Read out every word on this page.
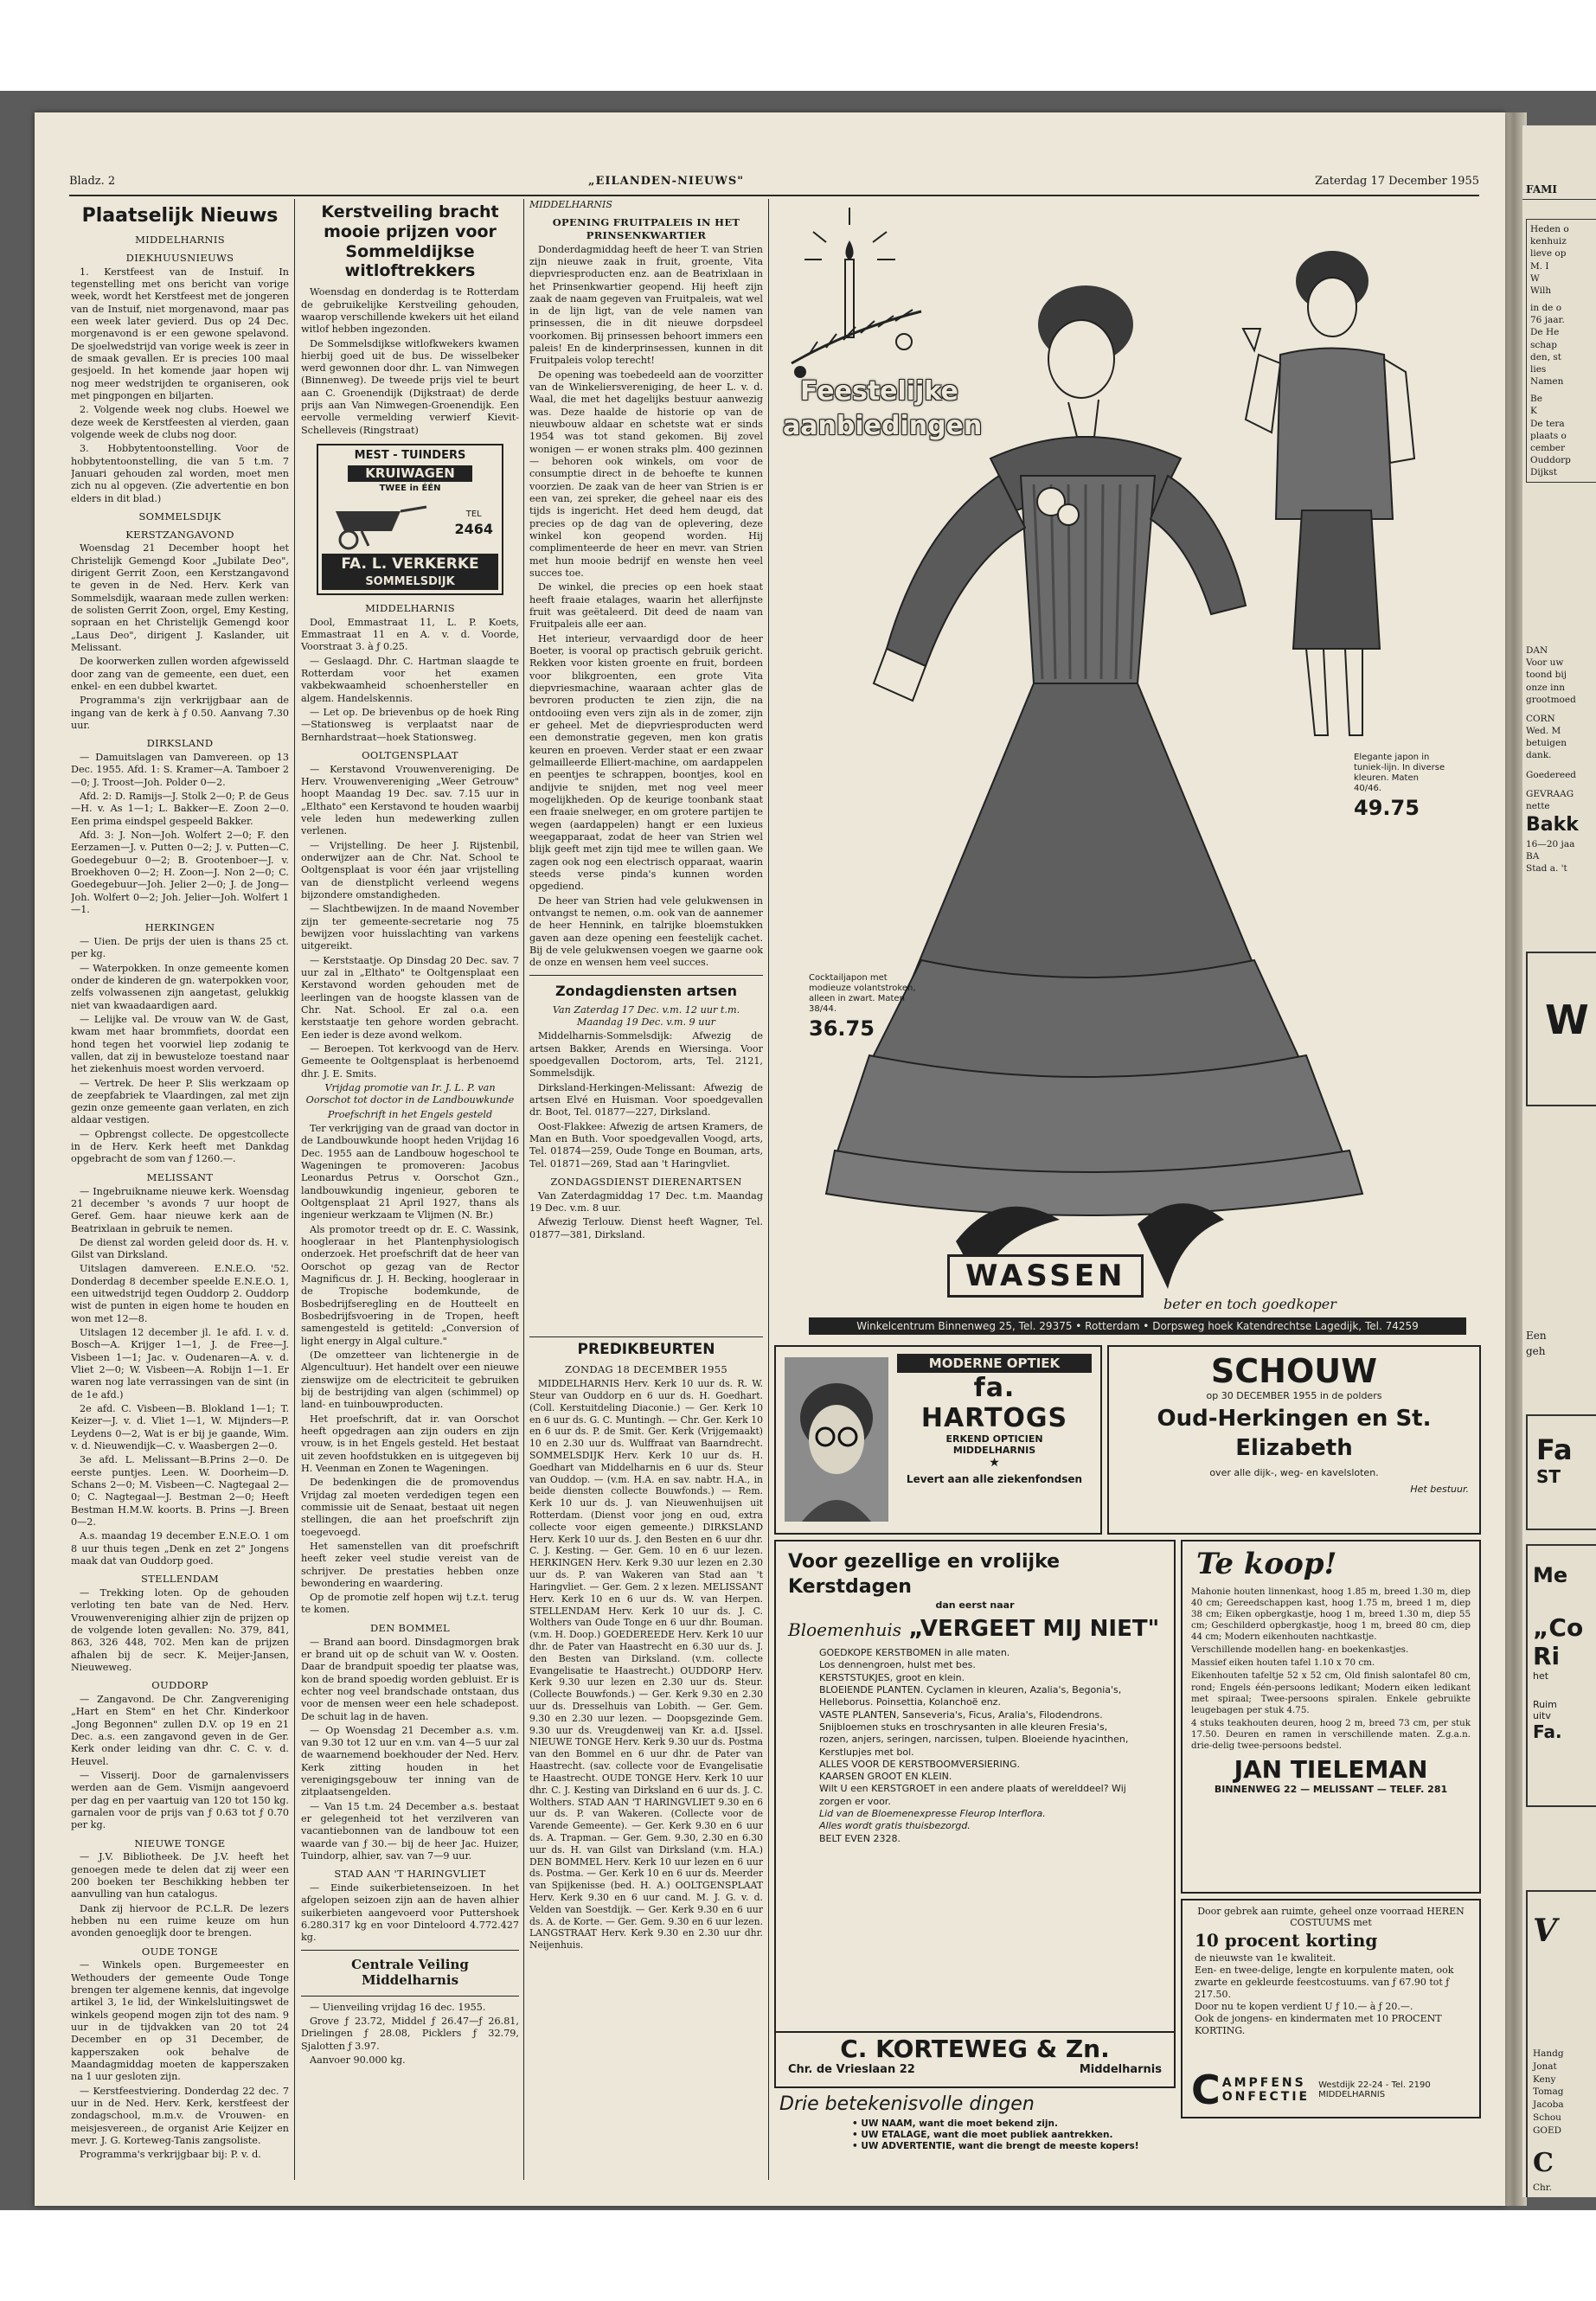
Bladz. 2	„EILANDEN-NIEUWS"	Zaterdag 17 December 1955
Plaatselijk Nieuws
MIDDELHARNIS
DIEKHUUSNIEUWS

1. Kerstfeest van de Instuif. In tegenstelling met ons bericht van vorige week, wordt het Kerstfeest met de jongeren van de Instuif, niet morgenavond, maar pas een week later gevierd. Dus op 24 Dec. morgenavond is er een gewone spelavond. De sjoelwedstrijd van vorige week is zeer in de smaak gevallen. Er is precies 100 maal gesjoeld. In het komende jaar hopen wij nog meer wedstrijden te organiseren, ook met pingpongen en biljarten.

2. Volgende week nog clubs. Hoewel we deze week de Kerstfeesten al vierden, gaan volgende week de clubs nog door.

3. Hobbytentoonstelling. Voor de hobbytentoonstelling, die van 5 t.m. 7 Januari gehouden zal worden, moet men zich nu al opgeven. (Zie advertentie en bon elders in dit blad.)

SOMMELSDIJK
KERSTZANGAVOND

Woensdag 21 December hoopt het Christelijk Gemengd Koor „Jubilate Deo", dirigent Gerrit Zoon, een Kerstzangavond te geven in de Ned. Herv. Kerk van Sommelsdijk, waaraan mede zullen werken: de solisten Gerrit Zoon, orgel, Emy Kesting, sopraan en het Christelijk Gemengd koor „Laus Deo", dirigent J. Kaslander, uit Melissant.

De koorwerken zullen worden afgewisseld door zang van de gemeente, een duet, een enkel- en een dubbel kwartet.

Programma's zijn verkrijgbaar aan de ingang van de kerk à ƒ 0.50. Aanvang 7.30 uur.

DIRKSLAND

— Damuitslagen van Damvereen. op 13 Dec. 1955. Afd. 1: S. Kramer—A. Tamboer 2—0; J. Troost—Joh. Polder 0—2.

Afd. 2: D. Ramijs—J. Stolk 2—0; P. de Geus—H. v. As 1—1; L. Bakker—E. Zoon 2—0. Een prima eindspel gespeeld Bakker.

Afd. 3: J. Non—Joh. Wolfert 2—0; F. den Eerzamen—J. v. Putten 0—2; J. v. Putten—C. Goedegebuur 0—2; B. Grootenboer—J. v. Broekhoven 0—2; H. Zoon—J. Non 2—0; C. Goedegebuur—Joh. Jelier 2—0; J. de Jong—Joh. Wolfert 0—2; Joh. Jelier—Joh. Wolfert 1—1.

HERKINGEN

— Uien. De prijs der uien is thans 25 ct. per kg.

— Waterpokken. In onze gemeente komen onder de kinderen de gn. waterpokken voor, zelfs volwassenen zijn aangetast, gelukkig niet van kwaadaardigen aard.

— Lelijke val. De vrouw van W. de Gast, kwam met haar brommfiets, doordat een hond tegen het voorwiel liep zodanig te vallen, dat zij in bewusteloze toestand naar het ziekenhuis moest worden vervoerd.

— Vertrek. De heer P. Slis werkzaam op de zeepfabriek te Vlaardingen, zal met zijn gezin onze gemeente gaan verlaten, en zich aldaar vestigen.

— Opbrengst collecte. De opgestcollecte in de Herv. Kerk heeft met Dankdag opgebracht de som van ƒ 1260.—.

MELISSANT

— Ingebruikname nieuwe kerk. Woensdag 21 december 's avonds 7 uur hoopt de Geref. Gem. haar nieuwe kerk aan de Beatrixlaan in gebruik te nemen.

De dienst zal worden geleid door ds. H. v. Gilst van Dirksland.

Uitslagen damvereen. E.N.E.O. '52. Donderdag 8 december speelde E.N.E.O. 1, een uitwedstrijd tegen Ouddorp 2. Ouddorp wist de punten in eigen home te houden en won met 12—8.

Uitslagen 12 december jl. 1e afd. I. v. d. Bosch—A. Krijger 1—1, J. de Free—J. Visbeen 1—1; Jac. v. Oudenaren—A. v. d. Vliet 2—0; W. Visbeen—A. Robijn 1—1. Er waren nog late verrassingen van de sint (in de 1e afd.)

2e afd. C. Visbeen—B. Blokland 1—1; T. Keizer—J. v. d. Vliet 1—1, W. Mijnders—P. Leydens 0—2, Wat is er bij je gaande, Wim. v. d. Nieuwendijk—C. v. Waasbergen 2—0.

3e afd. L. Melissant—B.Prins 2—0. De eerste puntjes. Leen. W. Doorheim—D. Schans 2—0; M. Visbeen—C. Nagtegaal 2—0; C. Nagtegaal—J. Bestman 2—0; Heeft Bestman H.M.W. koorts. B. Prins —J. Breen 0—2.

A.s. maandag 19 december E.N.E.O. 1 om 8 uur thuis tegen „Denk en zet 2" Jongens maak dat van Ouddorp goed.

STELLENDAM

— Trekking loten. Op de gehouden verloting ten bate van de Ned. Herv. Vrouwenvereniging alhier zijn de prijzen op de volgende loten gevallen: No. 379, 841, 863, 326 448, 702. Men kan de prijzen afhalen bij de secr. K. Meijer-Jansen, Nieuweweg.

OUDDORP

— Zangavond. De Chr. Zangvereniging „Hart en Stem" en het Chr. Kinderkoor „Jong Begonnen" zullen D.V. op 19 en 21 Dec. a.s. een zangavond geven in de Ger. Kerk onder leiding van dhr. C. C. v. d. Heuvel.

— Visserij. Door de garnalenvissers werden aan de Gem. Vismijn aangevoerd per dag en per vaartuig van 120 tot 150 kg. garnalen voor de prijs van ƒ 0.63 tot ƒ 0.70 per kg.

NIEUWE TONGE

— J.V. Bibliotheek. De J.V. heeft het genoegen mede te delen dat zij weer een 200 boeken ter Beschikking hebben ter aanvulling van hun catalogus.

Dank zij hiervoor de P.C.L.R. De lezers hebben nu een ruime keuze om hun avonden genoeglijk door te brengen.

OUDE TONGE

— Winkels open. Burgemeester en Wethouders der gemeente Oude Tonge brengen ter algemene kennis, dat ingevolge artikel 3, 1e lid, der Winkelsluitingswet de winkels geopend mogen zijn tot des nam. 9 uur in de tijdvakken van 20 tot 24 December en op 31 December, de kapperszaken ook behalve de Maandagmiddag moeten de kapperszaken na 1 uur gesloten zijn.

— Kerstfeestviering. Donderdag 22 dec. 7 uur in de Ned. Herv. Kerk, kerstfeest der zondagschool, m.m.v. de Vrouwen- en meisjesvereen., de organist Arie Keijzer en mevr. J. G. Korteweg-Tanis zangsoliste.

Programma's verkrijgbaar bij: P. v. d.

Kerstveiling bracht mooie prijzen voor Sommeldijkse witloftrekkers

Woensdag en donderdag is te Rotterdam de gebruikelijke Kerstveiling gehouden, waarop verschillende kwekers uit het eiland witlof hebben ingezonden.

De Sommelsdijkse witlofkwekers kwamen hierbij goed uit de bus. De wisselbeker werd gewonnen door dhr. L. van Nimwegen (Binnenweg). De tweede prijs viel te beurt aan C. Groenendijk (Dijkstraat) de derde prijs aan Van Nimwegen-Groenendijk. Een eervolle vermelding verwierf Kievit-Schelleveis (Ringstraat)

MEST - TUINDERS
KRUIWAGEN
TWEE in ÉÉN
TEL
2464
FA. L. VERKERKE
SOMMELSDIJK
MIDDELHARNIS

Dool, Emmastraat 11, L. P. Koets, Emmastraat 11 en A. v. d. Voorde, Voorstraat 3. à ƒ 0.25.

— Geslaagd. Dhr. C. Hartman slaagde te Rotterdam voor het examen vakbekwaamheid schoenhersteller en algem. Handelskennis.

— Let op. De brievenbus op de hoek Ring—Stationsweg is verplaatst naar de Bernhardstraat—hoek Stationsweg.

OOLTGENSPLAAT

— Kerstavond Vrouwenvereniging. De Herv. Vrouwenvereniging „Weer Getrouw" hoopt Maandag 19 Dec. sav. 7.15 uur in „Elthato" een Kerstavond te houden waarbij vele leden hun medewerking zullen verlenen.

— Vrijstelling. De heer J. Rijstenbil, onderwijzer aan de Chr. Nat. School te Ooltgensplaat is voor één jaar vrijstelling van de dienstplicht verleend wegens bijzondere omstandigheden.

— Slachtbewijzen. In de maand November zijn ter gemeente-secretarie nog 75 bewijzen voor huisslachting van varkens uitgereikt.

— Kerststaatje. Op Dinsdag 20 Dec. sav. 7 uur zal in „Elthato" te Ooltgensplaat een Kerstavond worden gehouden met de leerlingen van de hoogste klassen van de Chr. Nat. School. Er zal o.a. een kerststaatje ten gehore worden gebracht. Een ieder is deze avond welkom.

— Beroepen. Tot kerkvoogd van de Herv. Gemeente te Ooltgensplaat is herbenoemd dhr. J. E. Smits.

Vrijdag promotie van Ir. J. L. P. van Oorschot tot doctor in de Landbouwkunde

Proefschrift in het Engels gesteld

Ter verkrijging van de graad van doctor in de Landbouwkunde hoopt heden Vrijdag 16 Dec. 1955 aan de Landbouw hogeschool te Wageningen te promoveren: Jacobus Leonardus Petrus v. Oorschot Gzn., landbouwkundig ingenieur, geboren te Ooltgensplaat 21 April 1927, thans als ingenieur werkzaam te Vlijmen (N. Br.)

Als promotor treedt op dr. E. C. Wassink, hoogleraar in het Plantenphysiologisch onderzoek. Het proefschrift dat de heer van Oorschot op gezag van de Rector Magnificus dr. J. H. Becking, hoogleraar in de Tropische bodemkunde, de Bosbedrijfseregling en de Houtteelt en Bosbedrijfsvoering in de Tropen, heeft samengesteld is getiteld: „Conversion of light energy in Algal culture."

(De omzetteer van lichtenergie in de Algencultuur). Het handelt over een nieuwe zienswijze om de electriciteit te gebruiken bij de bestrijding van algen (schimmel) op land- en tuinbouwproducten.

Het proefschrift, dat ir. van Oorschot heeft opgedragen aan zijn ouders en zijn vrouw, is in het Engels gesteld. Het bestaat uit zeven hoofdstukken en is uitgegeven bij H. Veenman en Zonen te Wageningen.

De bedenkingen die de promovendus Vrijdag zal moeten verdedigen tegen een commissie uit de Senaat, bestaat uit negen stellingen, die aan het proefschrift zijn toegevoegd.

Het samenstellen van dit proefschrift heeft zeker veel studie vereist van de schrijver. De prestaties hebben onze bewondering en waardering.

Op de promotie zelf hopen wij t.z.t. terug te komen.

DEN BOMMEL

— Brand aan boord. Dinsdagmorgen brak er brand uit op de schuit van W. v. Oosten. Daar de brandpuit spoedig ter plaatse was, kon de brand spoedig worden gebluist. Er is echter nog veel brandschade ontstaan, dus voor de mensen weer een hele schadepost. De schuit lag in de haven.

— Op Woensdag 21 December a.s. v.m. van 9.30 tot 12 uur en v.m. van 4—5 uur zal de waarnemend boekhouder der Ned. Herv. Kerk zitting houden in het verenigingsgebouw ter inning van de zitplaatsengelden.

— Van 15 t.m. 24 December a.s. bestaat er gelegenheid tot het verzilveren van vacantiebonnen van de landbouw tot een waarde van ƒ 30.— bij de heer Jac. Huizer, Tuindorp, alhier, sav. van 7—9 uur.

STAD AAN 'T HARINGVLIET

— Einde suikerbietenseizoen. In het afgelopen seizoen zijn aan de haven alhier suikerbieten aangevoerd voor Puttershoek 6.280.317 kg en voor Dinteloord 4.772.427 kg.

Centrale Veiling Middelharnis

— Uienveiling vrijdag 16 dec. 1955.

Grove ƒ 23.72, Middel ƒ 26.47—ƒ 26.81, Drielingen ƒ 28.08, Picklers ƒ 32.79, Sjalotten ƒ 3.97.

Aanvoer 90.000 kg.

MIDDELHARNIS
OPENING FRUITPALEIS IN HET PRINSENKWARTIER

Donderdagmiddag heeft de heer T. van Strien zijn nieuwe zaak in fruit, groente, Vita diepvriesproducten enz. aan de Beatrixlaan in het Prinsenkwartier geopend. Hij heeft zijn zaak de naam gegeven van Fruitpaleis, wat wel in de lijn ligt, van de vele namen van prinsessen, die in dit nieuwe dorpsdeel voorkomen. Bij prinsessen behoort immers een paleis! En de kinderprinsessen, kunnen in dit Fruitpaleis volop terecht!

De opening was toebedeeld aan de voorzitter van de Winkeliersvereniging, de heer L. v. d. Waal, die met het dagelijks bestuur aanwezig was. Deze haalde de historie op van de nieuwbouw aldaar en schetste wat er sinds 1954 was tot stand gekomen. Bij zovel wonigen — er wonen straks plm. 400 gezinnen — behoren ook winkels, om voor de consumptie direct in de behoefte te kunnen voorzien. De zaak van de heer van Strien is er een van, zei spreker, die geheel naar eis des tijds is ingericht. Het deed hem deugd, dat precies op de dag van de oplevering, deze winkel kon geopend worden. Hij complimenteerde de heer en mevr. van Strien met hun mooie bedrijf en wenste hen veel succes toe.

De winkel, die precies op een hoek staat heeft fraaie etalages, waarin het allerfijnste fruit was geëtaleerd. Dit deed de naam van Fruitpaleis alle eer aan.

Het interieur, vervaardigd door de heer Boeter, is vooral op practisch gebruik gericht. Rekken voor kisten groente en fruit, bordeen voor blikgroenten, een grote Vita diepvriesmachine, waaraan achter glas de bevroren producten te zien zijn, die na ontdooiing even vers zijn als in de zomer, zijn er geheel. Met de diepvriesproducten werd een demonstratie gegeven, men kon gratis keuren en proeven. Verder staat er een zwaar gelmailleerde Elliert-machine, om aardappelen en peentjes te schrappen, boontjes, kool en andijvie te snijden, met nog veel meer mogelijkheden. Op de keurige toonbank staat een fraaie snelweger, en om grotere partijen te wegen (aardappelen) hangt er een luxieus weegapparaat, zodat de heer van Strien wel blijk geeft met zijn tijd mee te willen gaan. We zagen ook nog een electrisch opparaat, waarin steeds verse pinda's kunnen worden opgediend.

De heer van Strien had vele gelukwensen in ontvangst te nemen, o.m. ook van de aannemer de heer Hennink, en talrijke bloemstukken gaven aan deze opening een feestelijk cachet. Bij de vele gelukwensen voegen we gaarne ook de onze en wensen hem veel succes.

Zondagdiensten artsen

Van Zaterdag 17 Dec. v.m. 12 uur t.m. Maandag 19 Dec. v.m. 9 uur

Middelharnis-Sommelsdijk: Afwezig de artsen Bakker, Arends en Wiersinga. Voor spoedgevallen Doctorom, arts, Tel. 2121, Sommelsdijk.

Dirksland-Herkingen-Melissant: Afwezig de artsen Elvé en Huisman. Voor spoedgevallen dr. Boot, Tel. 01877—227, Dirksland.

Oost-Flakkee: Afwezig de artsen Kramers, de Man en Buth. Voor spoedgevallen Voogd, arts, Tel. 01874—259, Oude Tonge en Bouman, arts, Tel. 01871—269, Stad aan 't Haringvliet.

ZONDAGSDIENST DIERENARTSEN

Van Zaterdagmiddag 17 Dec. t.m. Maandag 19 Dec. v.m. 8 uur.

Afwezig Terlouw. Dienst heeft Wagner, Tel. 01877—381, Dirksland.

PREDIKBEURTEN
ZONDAG 18 DECEMBER 1955

MIDDELHARNIS Herv. Kerk 10 uur ds. R. W. Steur van Ouddorp en 6 uur ds. H. Goedhart. (Coll. Kerstuitdeling Diaconie.) — Ger. Kerk 10 en 6 uur ds. G. C. Muntingh. — Chr. Ger. Kerk 10 en 6 uur ds. P. de Smit. Ger. Kerk (Vrijgemaakt) 10 en 2.30 uur ds. Wulffraat van Baarndrecht. SOMMELSDIJK Herv. Kerk 10 uur ds. H. Goedhart van Middelharnis en 6 uur ds. Steur van Ouddop. — (v.m. H.A. en sav. nabtr. H.A., in beide diensten collecte Bouwfonds.) — Rem. Kerk 10 uur ds. J. van Nieuwenhuijsen uit Rotterdam. (Dienst voor jong en oud, extra collecte voor eigen gemeente.) DIRKSLAND Herv. Kerk 10 uur ds. J. den Besten en 6 uur dhr. C. J. Kesting. — Ger. Gem. 10 en 6 uur lezen. HERKINGEN Herv. Kerk 9.30 uur lezen en 2.30 uur ds. P. van Wakeren van Stad aan 't Haringvliet. — Ger. Gem. 2 x lezen. MELISSANT Herv. Kerk 10 en 6 uur ds. W. van Herpen. STELLENDAM Herv. Kerk 10 uur ds. J. C. Wolthers van Oude Tonge en 6 uur dhr. Bouman. (v.m. H. Doop.) GOEDEREEDE Herv. Kerk 10 uur dhr. de Pater van Haastrecht en 6.30 uur ds. J. den Besten van Dirksland. (v.m. collecte Evangelisatie te Haastrecht.) OUDDORP Herv. Kerk 9.30 uur lezen en 2.30 uur ds. Steur. (Collecte Bouwfonds.) — Ger. Kerk 9.30 en 2.30 uur ds. Dresselhuis van Lobith. — Ger. Gem. 9.30 en 2.30 uur lezen. — Doopsgezinde Gem. 9.30 uur ds. Vreugdenweij van Kr. a.d. IJssel. NIEUWE TONGE Herv. Kerk 9.30 uur ds. Postma van den Bommel en 6 uur dhr. de Pater van Haastrecht. (sav. collecte voor de Evangelisatie te Haastrecht. OUDE TONGE Herv. Kerk 10 uur dhr. C. J. Kesting van Dirksland en 6 uur ds. J. C. Wolthers. STAD AAN 'T HARINGVLIET 9.30 en 6 uur ds. P. van Wakeren. (Collecte voor de Varende Gemeente). — Ger. Kerk 9.30 en 6 uur ds. A. Trapman. — Ger. Gem. 9.30, 2.30 en 6.30 uur ds. H. van Gilst van Dirksland (v.m. H.A.) DEN BOMMEL Herv. Kerk 10 uur lezen en 6 uur ds. Postma. — Ger. Kerk 10 en 6 uur ds. Meerder van Spijkenisse (bed. H. A.) OOLTGENSPLAAT Herv. Kerk 9.30 en 6 uur cand. M. J. G. v. d. Velden van Soestdijk. — Ger. Kerk 9.30 en 6 uur ds. A. de Korte. — Ger. Gem. 9.30 en 6 uur lezen. LANGSTRAAT Herv. Kerk 9.30 en 2.30 uur dhr. Neijenhuis.

Feestelijke
aanbiedingen
Elegante japon in tuniek-lijn. In diverse kleuren. Maten 40/46.
49.75
Cocktailjapon met modieuze volantstroken, alleen in zwart. Maten 38/44.
36.75
WASSEN
beter en toch goedkoper
Winkelcentrum Binnenweg 25, Tel. 29375 • Rotterdam • Dorpsweg hoek Katendrechtse Lagedijk, Tel. 74259
MODERNE OPTIEK
fa. HARTOGS
ERKEND OPTICIEN
MIDDELHARNIS
★
Levert aan alle ziekenfondsen
SCHOUW
op 30 DECEMBER 1955 in de polders
Oud-Herkingen en St. Elizabeth
over alle dijk-, weg- en kavelsloten.
Het bestuur.
Voor gezellige en vrolijke Kerstdagen
dan eerst naar
Bloemenhuis „VERGEET MIJ NIET"
GOEDKOPE KERSTBOMEN in alle maten.
Los dennengroen, hulst met bes.
KERSTSTUKJES, groot en klein.
BLOEIENDE PLANTEN. Cyclamen in kleuren, Azalia's, Begonia's, Helleborus. Poinsettia, Kolanchoë enz.
VASTE PLANTEN, Sanseveria's, Ficus, Aralia's, Filodendrons.
Snijbloemen stuks en troschrysanten in alle kleuren Fresia's, rozen, anjers, seringen, narcissen, tulpen. Bloeiende hyacinthen, Kerstlupjes met bol.
ALLES VOOR DE KERSTBOOMVERSIERING.
KAARSEN GROOT EN KLEIN.
Wilt U een KERSTGROET in een andere plaats of werelddeel? Wij zorgen er voor.
Lid van de Bloemenexpresse Fleurop Interflora.
Alles wordt gratis thuisbezorgd.
BELT EVEN 2328.
C. KORTEWEG & Zn.
Chr. de Vrieslaan 22	Middelharnis
Drie betekenisvolle dingen
• UW NAAM, want die moet bekend zijn.
• UW ETALAGE, want die moet publiek aantrekken.
• UW ADVERTENTIE, want die brengt de meeste kopers!
Te koop!

Mahonie houten linnenkast, hoog 1.85 m, breed 1.30 m, diep 40 cm; Gereedschappen kast, hoog 1.75 m, breed 1 m, diep 38 cm; Eiken opbergkastje, hoog 1 m, breed 1.30 m, diep 55 cm; Geschilderd opbergkastje, hoog 1 m, breed 80 cm, diep 44 cm; Modern eikenhouten nachtkastje.

Verschillende modellen hang- en boekenkastjes.

Massief eiken houten tafel 1.10 x 70 cm.

Eikenhouten tafeltje 52 x 52 cm, Old finish salontafel 80 cm, rond; Engels één-persoons ledikant; Modern eiken ledikant met spiraal; Twee-persoons spiralen. Enkele gebruikte leugebagen per stuk 4.75.

4 stuks teakhouten deuren, hoog 2 m, breed 73 cm, per stuk 17.50. Deuren en ramen in verschillende maten. Z.g.a.n. drie-delig twee-persoons bedstel.

JAN TIELEMAN
BINNENWEG 22 — MELISSANT — TELEF. 281
Door gebrek aan ruimte, geheel onze voorraad HEREN COSTUUMS met
10 procent korting
de nieuwste van 1e kwaliteit.
Een- en twee-delige, lengte en korpulente maten, ook zwarte en gekleurde feestcostuums. van ƒ 67.90 tot ƒ 217.50.
Door nu te kopen verdient U ƒ 10.— à ƒ 20.—.
Ook de jongens- en kindermaten met 10 PROCENT KORTING.
C AMPFENS
ONFECTIE
Westdijk 22-24 - Tel. 2190
MIDDELHARNIS
FAMI
Heden o
kenhuiz
lieve op
M. I
W
Wilh
in de o
76 jaar.
De He
schap
den, st
lies
Namen
Be
K
De tera
plaats o
cember
Ouddorp
Dijkst
DAN
Voor uw
toond bij
onze inn
grootmoed
CORN
Wed. M
betuigen
dank.
Goedereed
GEVRAAG
nette
Bakk
16—20 jaa
BA
Stad a. 't
W
Een
geh
Fa
ST
Me
„Co
Ri
het
Ruim
uitv
Fa.
V
Handg
Jonat
Keny
Tomag
Jacoba
Schou
GOED
C
Chr.
